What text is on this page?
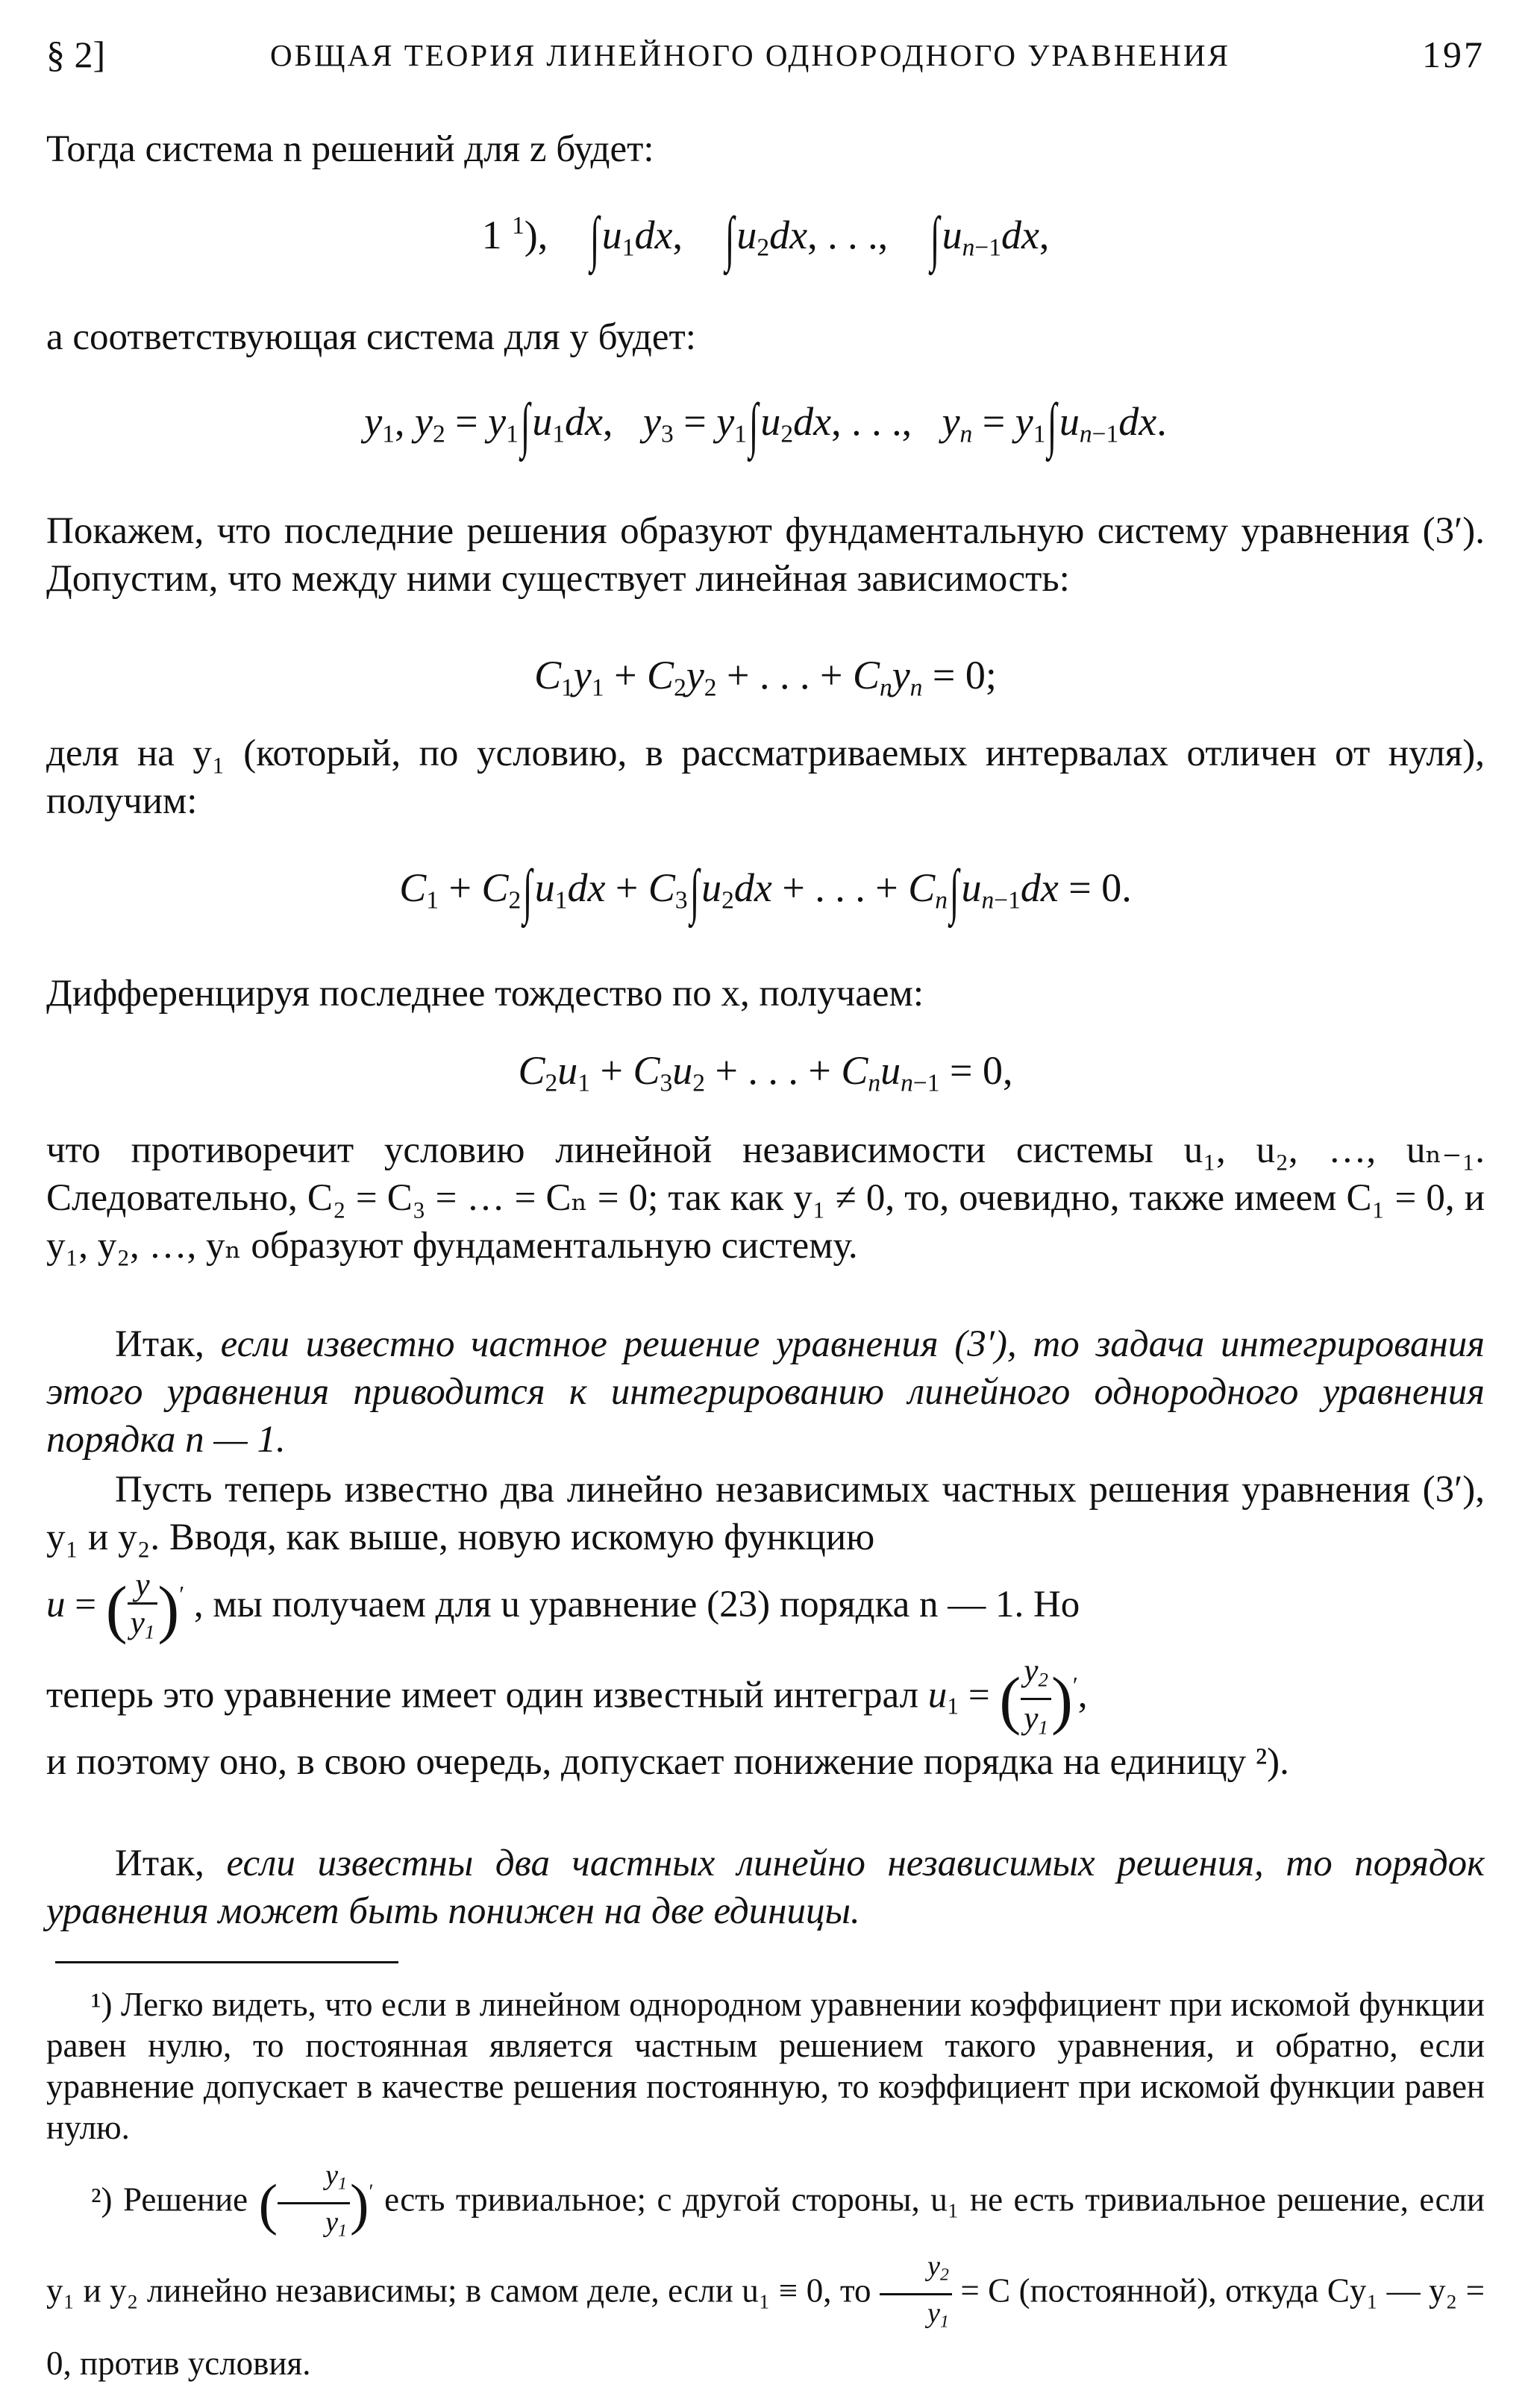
§ 2]	ОБЩАЯ ТЕОРИЯ ЛИНЕЙНОГО ОДНОРОДНОГО УРАВНЕНИЯ	197
Тогда система n решений для z будет:
1 $^1$),    $\int u_1dx$,    $\int u_2dx$, . . .,    $\int u_{n-1}dx$,
а соответствующая система для y будет:
$y_1$, $y_2 = y_1\int u_1dx$,   $y_3 = y_1\int u_2dx$, . . .,   $y_n = y_1\int u_{n-1}dx$.
Покажем, что последние решения образуют фундаментальную систему уравнения (3′). Допустим, что между ними существует линейная зависимость:
$C_1y_1 + C_2y_2$ + . . . + $C_ny_n = 0$;
деля на y₁ (который, по условию, в рассматриваемых интервалах отличен от нуля), получим:
$C_1 + C_2\int u_1dx + C_3\int u_2dx$ + . . . + $C_n\int u_{n-1}dx = 0$.
Дифференцируя последнее тождество по x, получаем:
$C_2u_1 + C_3u_2$ + . . . + $C_nu_{n-1} = 0$,
что противоречит условию линейной независимости системы u₁, u₂, …, uₙ₋₁. Следовательно, C₂ = C₃ = … = Cₙ = 0; так как y₁ ≠ 0, то, очевидно, также имеем C₁ = 0, и y₁, y₂, …, yₙ образуют фундаментальную систему.
Итак, если известно частное решение уравнения (3′), то задача интегрирования этого уравнения приводится к интегрированию линейного однородного уравнения порядка n — 1.
Пусть теперь известно два линейно независимых частных решения уравнения (3′), y₁ и y₂. Вводя, как выше, новую искомую функцию
u = ( $\frac{y}{y_1} )'$ , мы получаем для u уравнение (23) порядка n — 1. Но
теперь это уравнение имеет один известный интеграл $u_1$ = ( $\frac{y_2}{y_1} )'$,
и поэтому оно, в свою очередь, допускает понижение порядка на единицу ²).
Итак, если известны два частных линейно независимых решения, то порядок уравнения может быть понижен на две единицы.
¹) Легко видеть, что если в линейном однородном уравнении коэффициент при искомой функции равен нулю, то постоянная является частным решением такого уравнения, и обратно, если уравнение допускает в качестве решения постоянную, то коэффициент при искомой функции равен нулю.
²) Решение ( $\frac{y_1}{y_1} )'$ есть тривиальное; с другой стороны, u₁ не есть тривиальное решение, если y₁ и y₂ линейно независимы; в самом деле, если u₁ ≡ 0, то $\frac{y_2}{y_1} = C$ (постоянной), откуда Cy₁ — y₂ = 0, против условия.
